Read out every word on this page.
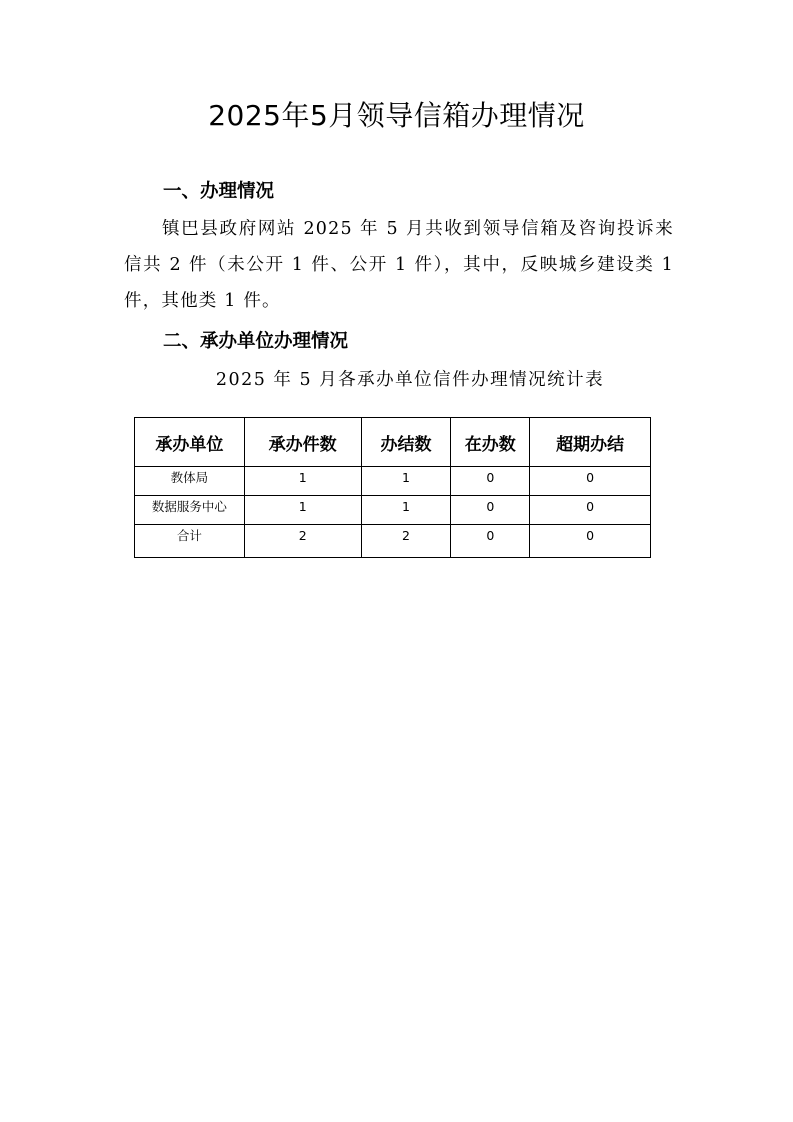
2025年5月领导信箱办理情况
一、办理情况
镇巴县政府网站 2025 年 5 月共收到领导信箱及咨询投诉来信共 2 件（未公开 1 件、公开 1 件），其中，反映城乡建设类 1 件，其他类 1 件。
二、承办单位办理情况
2025 年 5 月各承办单位信件办理情况统计表
承办单位	承办件数	办结数	在办数	超期办结
教体局	1	1	0	0
数据服务中心	1	1	0	0
合计	2	2	0	0
